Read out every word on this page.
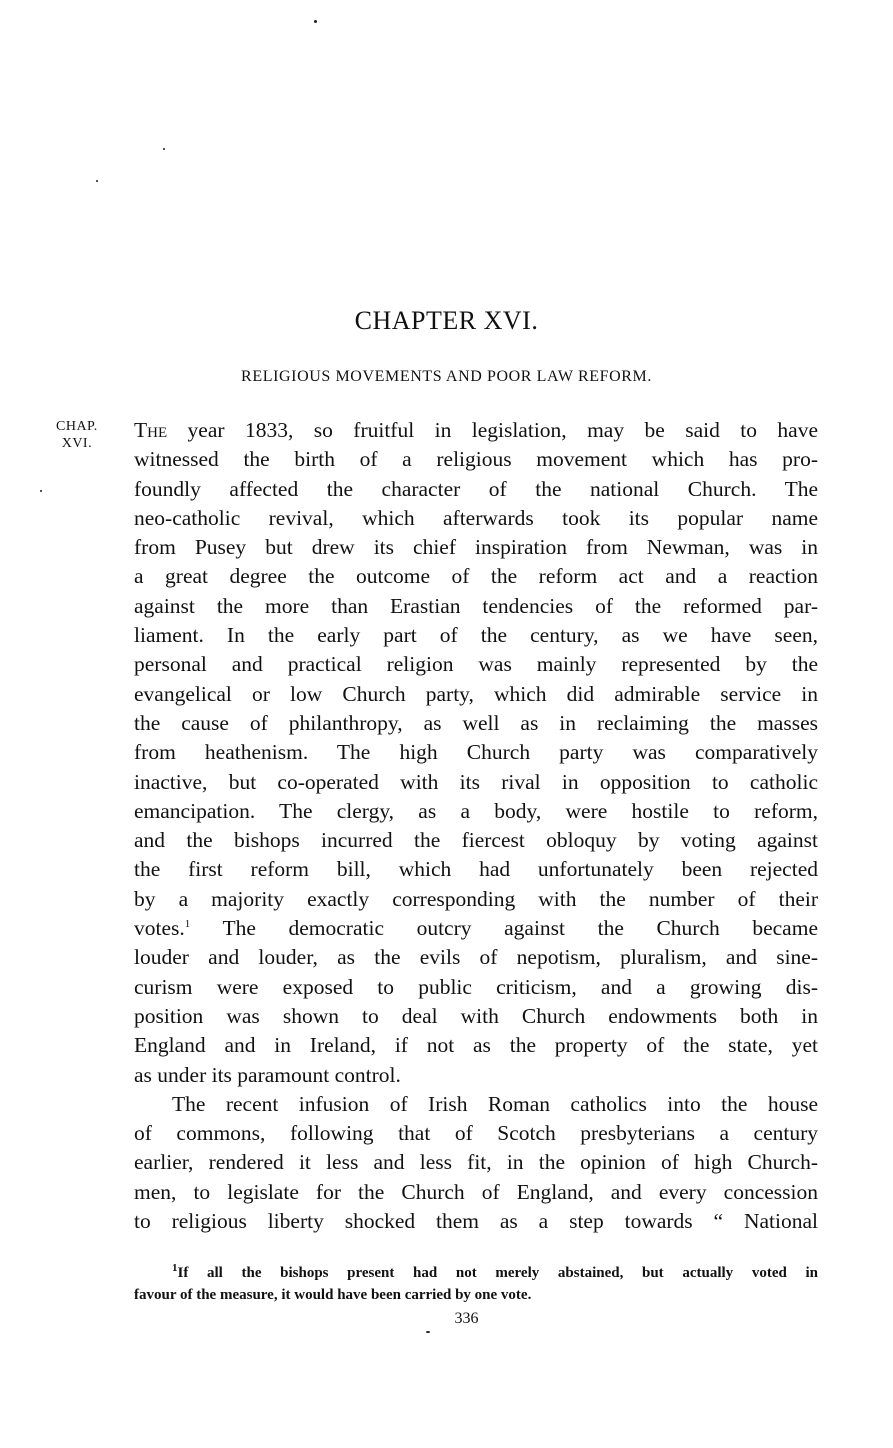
CHAPTER XVI.
RELIGIOUS MOVEMENTS AND POOR LAW REFORM.
CHAP.
XVI.
The year 1833, so fruitful in legislation, may be said to have
witnessed the birth of a religious movement which has pro-
foundly affected the character of the national Church. The
neo-catholic revival, which afterwards took its popular name
from Pusey but drew its chief inspiration from Newman, was in
a great degree the outcome of the reform act and a reaction
against the more than Erastian tendencies of the reformed par-
liament. In the early part of the century, as we have seen,
personal and practical religion was mainly represented by the
evangelical or low Church party, which did admirable service in
the cause of philanthropy, as well as in reclaiming the masses
from heathenism. The high Church party was comparatively
inactive, but co-operated with its rival in opposition to catholic
emancipation. The clergy, as a body, were hostile to reform,
and the bishops incurred the fiercest obloquy by voting against
the first reform bill, which had unfortunately been rejected
by a majority exactly corresponding with the number of their
votes.$^1$ The democratic outcry against the Church became
louder and louder, as the evils of nepotism, pluralism, and sine-
curism were exposed to public criticism, and a growing dis-
position was shown to deal with Church endowments both in
England and in Ireland, if not as the property of the state, yet
as under its paramount control.
The recent infusion of Irish Roman catholics into the house
of commons, following that of Scotch presbyterians a century
earlier, rendered it less and less fit, in the opinion of high Church-
men, to legislate for the Church of England, and every concession
to religious liberty shocked them as a step towards “ National
$^1$If all the bishops present had not merely abstained, but actually voted in
favour of the measure, it would have been carried by one vote.
336
